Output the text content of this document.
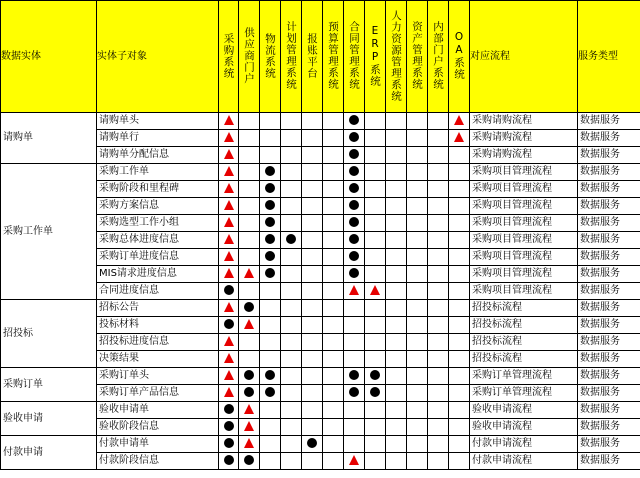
数据实体	实体子对象	采购系统	供应商门户	物流系统	计划管理系统	报账平台	预算管理系统	合同管理系统	ERP系统	人力资源管理系统	资产管理系统	内部门户系统	OA系统	对应流程	服务类型
请购单	请购单头													采购请购流程	数据服务
	请购单行													采购请购流程	数据服务
	请购单分配信息													采购请购流程	数据服务
采购工作单	采购工作单													采购项目管理流程	数据服务
	采购阶段和里程碑													采购项目管理流程	数据服务
	采购方案信息													采购项目管理流程	数据服务
	采购选型工作小组													采购项目管理流程	数据服务
	采购总体进度信息													采购项目管理流程	数据服务
	采购订单进度信息													采购项目管理流程	数据服务
	MIS请求进度信息													采购项目管理流程	数据服务
	合同进度信息													采购项目管理流程	数据服务
招投标	招标公告													招投标流程	数据服务
	投标材料													招投标流程	数据服务
	招投标进度信息													招投标流程	数据服务
	决策结果													招投标流程	数据服务
采购订单	采购订单头													采购订单管理流程	数据服务
	采购订单产品信息													采购订单管理流程	数据服务
验收申请	验收申请单													验收申请流程	数据服务
	验收阶段信息													验收申请流程	数据服务
付款申请	付款申请单													付款申请流程	数据服务
	付款阶段信息													付款申请流程	数据服务
